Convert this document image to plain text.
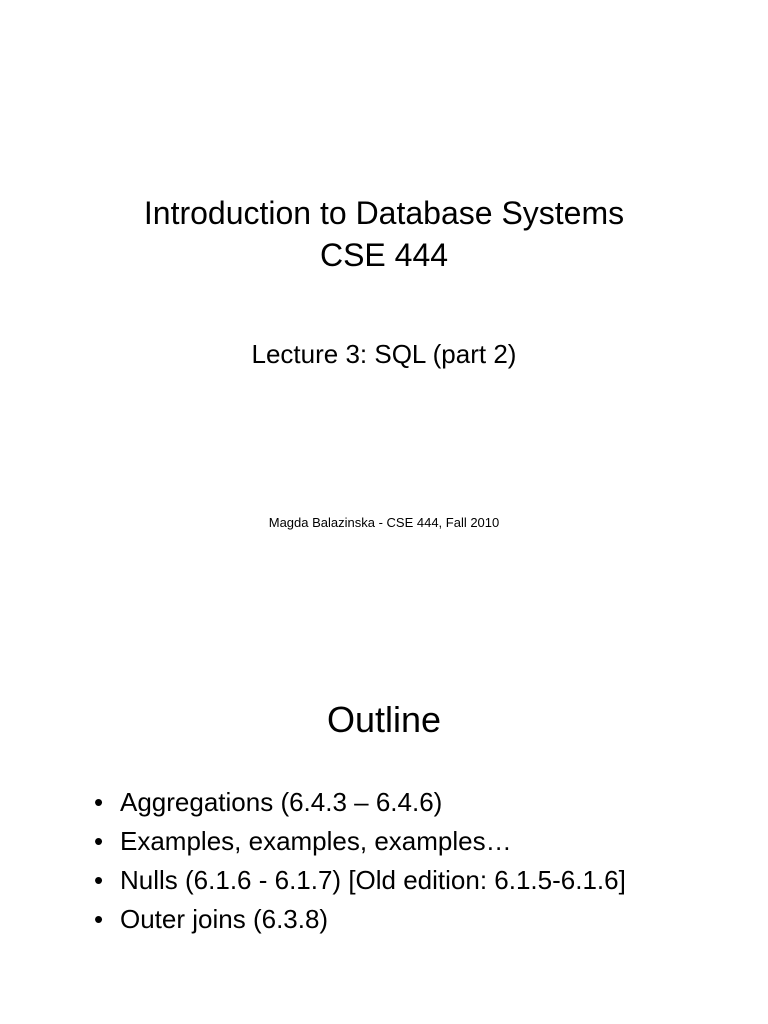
Introduction to Database Systems
CSE 444
Lecture 3: SQL (part 2)
Magda Balazinska - CSE 444, Fall 2010
Outline
• Aggregations (6.4.3 – 6.4.6)
• Examples, examples, examples…
• Nulls (6.1.6 - 6.1.7) [Old edition: 6.1.5-6.1.6]
• Outer joins (6.3.8)
